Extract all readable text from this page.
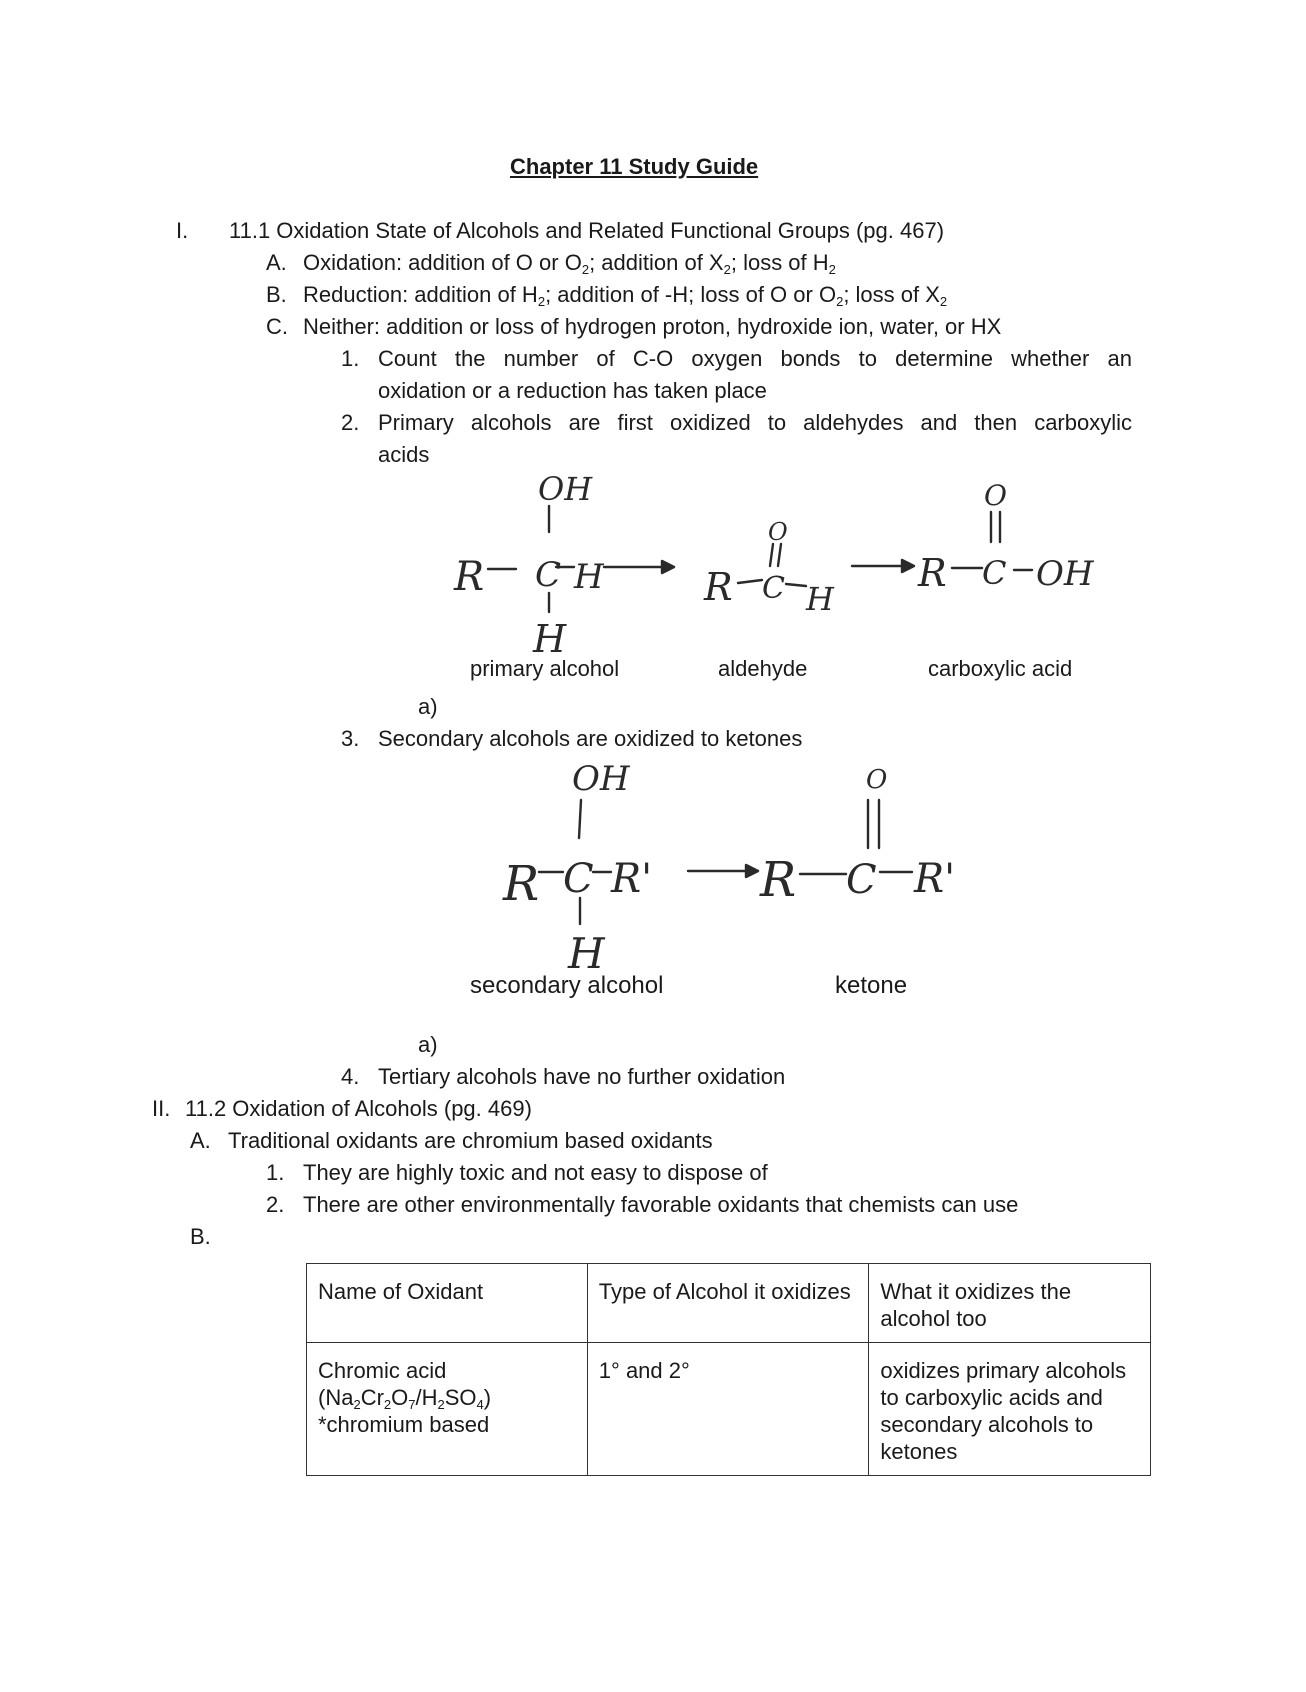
Chapter 11 Study Guide
I. 11.1 Oxidation State of Alcohols and Related Functional Groups (pg. 467)
A. Oxidation: addition of O or $O_2$; addition of $X_2$; loss of $H_2$
B. Reduction: addition of $H_2$; addition of -H; loss of O or $O_2$; loss of $X_2$
C. Neither: addition or loss of hydrogen proton, hydroxide ion, water, or HX
1. Count the number of C-O oxygen bonds to determine whether an
oxidation or a reduction has taken place
2. Primary alcohols are first oxidized to aldehydes and then carboxylic
acids
OH
R C H
H
O
R C H
O
R C OH
primary alcohol	aldehyde	carboxylic acid
a)
3. Secondary alcohols are oxidized to ketones
OH
R C R'
H
O
R C R'
secondary alcohol	ketone
a)
4. Tertiary alcohols have no further oxidation
II. 11.2 Oxidation of Alcohols (pg. 469)
A. Traditional oxidants are chromium based oxidants
1. They are highly toxic and not easy to dispose of
2. There are other environmentally favorable oxidants that chemists can use
B.
Name of Oxidant	Type of Alcohol it oxidizes	What it oxidizes the alcohol too

Chromic acid
$(Na_2Cr_2O_7/H_2SO_4)$
*chromium based	1° and 2°	oxidizes primary alcohols to carboxylic acids and secondary alcohols to ketones
